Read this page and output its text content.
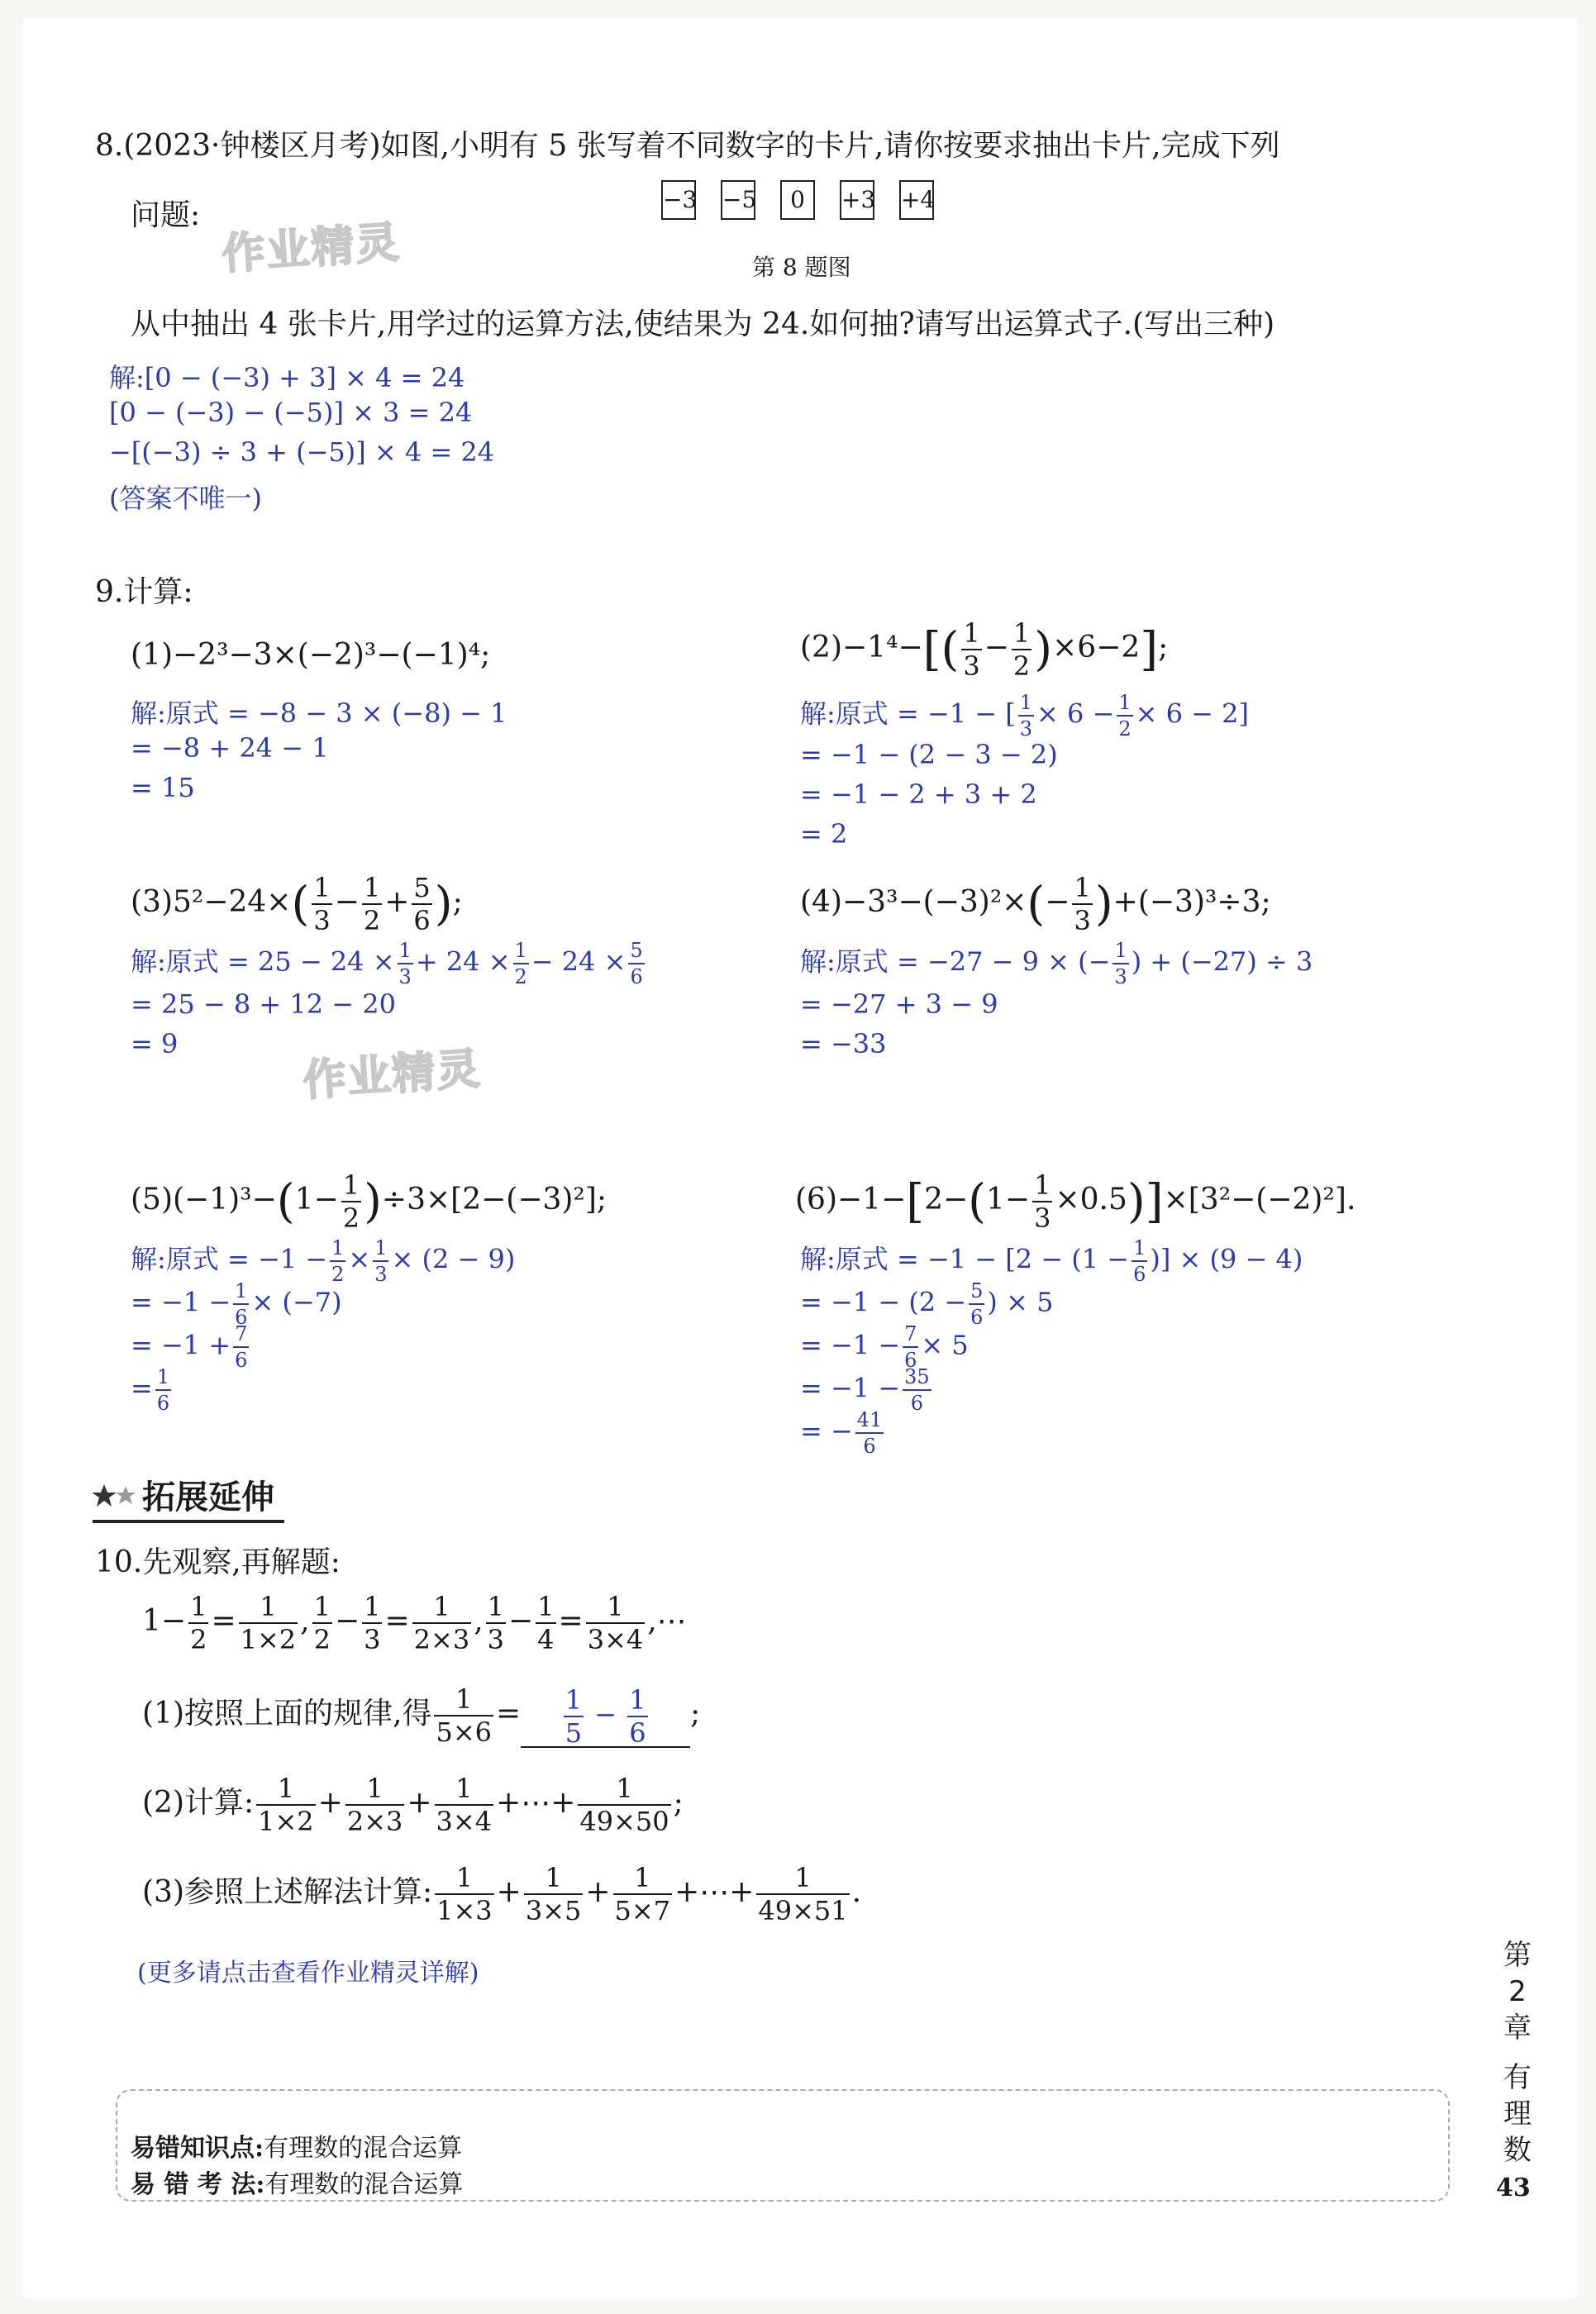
作业精灵
作业精灵
8.(2023·钟楼区月考)如图,小明有 5 张写着不同数字的卡片,请你按要求抽出卡片,完成下列
问题:	−3 −5 0 +3 +4
第 8 题图
从中抽出 4 张卡片,用学过的运算方法,使结果为 24.如何抽?请写出运算式子.(写出三种)
解:[0 − (−3) + 3] × 4 = 24
[0 − (−3) − (−5)] × 3 = 24
−[(−3) ÷ 3 + (−5)] × 4 = 24
(答案不唯一)
9.计算:
(1)−2³−3×(−2)³−(−1)⁴;
解:原式 = −8 − 3 × (−8) − 1
= −8 + 24 − 1
= 15
$(2)-1^4-[( \frac{1}{3} - \frac{1}{2} )\times 6-2]$;
解:原式 = −1 − [ $\frac{1}{3} \times 6 - \frac{1}{2} \times 6 - 2$]
= −1 − (2 − 3 − 2)
= −1 − 2 + 3 + 2
= 2
$(3)5^2-24\times( \frac{1}{3} - \frac{1}{2} + \frac{5}{6}$ );
解:原式 = $25 - 24 \times \frac{1}{3} + 24 \times \frac{1}{2} - 24 \times \frac{5}{6}$
= 25 − 8 + 12 − 20
= 9
$(4)-3^3-(-3)^2\times(- \frac{1}{3} )+(-3)^3\div 3$;
解:原式 = −27 − 9 × (− $\frac{1}{3}$ ) + (−27) ÷ 3
= −27 + 3 − 9
= −33
$(5)(-1)^3-(1- \frac{1}{2} )\div 3\times[2-(-3)^2]$;
解:原式 = $-1 - \frac{1}{2} \times \frac{1}{3} \times (2 - 9)$
= $-1 - \frac{1}{6} \times (-7)$
= $-1 + \frac{7}{6}$
= $\frac{1}{6}$
$(6)-1-[2-(1- \frac{1}{3} \times 0.5)]\times[3^2-(-2)^2]$.
解:原式 = $-1 - [2 - (1 - \frac{1}{6}$ )] × (9 − 4)
= $-1 - (2 - \frac{5}{6}$ ) × 5
= $-1 - \frac{7}{6} \times 5$
= $-1 - \frac{35}{6}$
= − $\frac{41}{6}$
拓展延伸
10.先观察,再解题:
$1- \frac{1}{2} = \frac{1}{1\times 2}$ , $\frac{1}{2} - \frac{1}{3} = \frac{1}{2\times 3}$ , $\frac{1}{3} - \frac{1}{4} = \frac{1}{3\times 4}$ ,⋯
(1)按照上面的规律,得 $\frac{1}{5\times 6} = \frac{1}{5} - \frac{1}{6}$ ;
(2)计算: $\frac{1}{1\times 2} + \frac{1}{2\times 3} + \frac{1}{3\times 4}$ +⋯+ $\frac{1}{49\times 50}$ ;
(3)参照上述解法计算: $\frac{1}{1\times 3} + \frac{1}{3\times 5} + \frac{1}{5\times 7}$ +⋯+ $\frac{1}{49\times 51}$ .
(更多请点击查看作业精灵详解)
第2章
有理数
易错知识点:有理数的混合运算
易 错 考 法:有理数的混合运算	43
